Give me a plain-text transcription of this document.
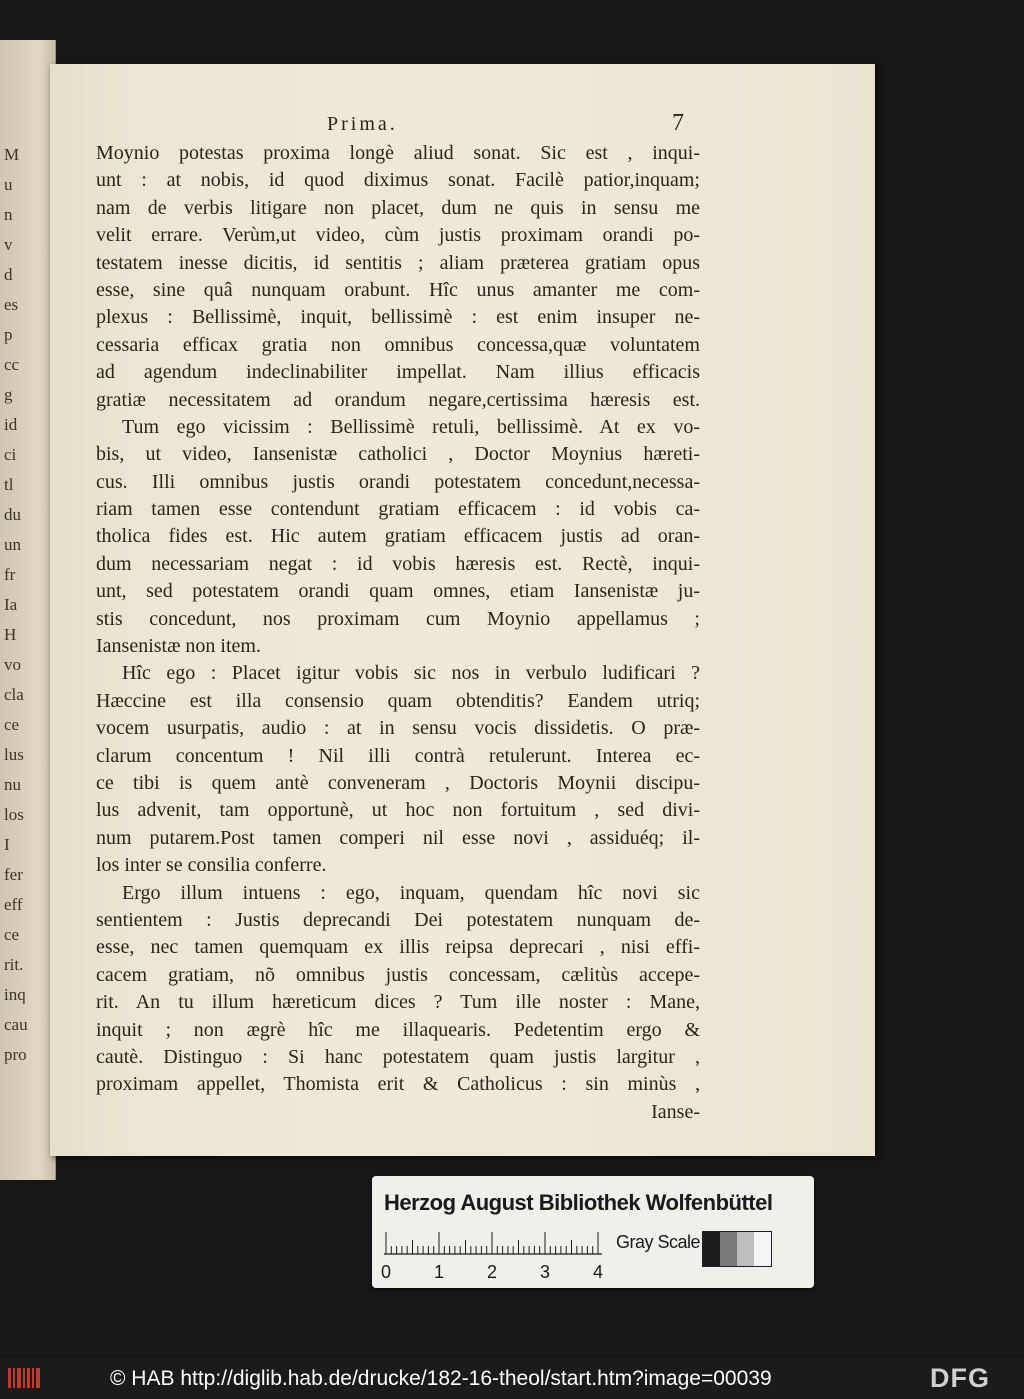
M
u
n
v
d
es
p
cc
g
id
ci
tl
du
un
fr
Ia
H
vo
cla
ce
lus
nu
los
I
fer
eff
ce
rit.
inq
cau
pro
Prima.	7
Moynio potestas proxima longè aliud sonat. Sic est , inqui-
unt : at nobis, id quod diximus sonat. Facilè patior,inquam;
nam de verbis litigare non placet, dum ne quis in sensu me
velit errare. Verùm,ut video, cùm justis proximam orandi po-
testatem inesse dicitis, id sentitis ; aliam præterea gratiam opus
esse, sine quâ nunquam orabunt. Hîc unus amanter me com-
plexus : Bellissimè, inquit, bellissimè : est enim insuper ne-
cessaria efficax gratia non omnibus concessa,quæ voluntatem
ad agendum indeclinabiliter impellat. Nam illius efficacis
gratiæ necessitatem ad orandum negare,certissima hæresis est.
Tum ego vicissim : Bellissimè retuli, bellissimè. At ex vo-
bis, ut video, Iansenistæ catholici , Doctor Moynius hæreti-
cus. Illi omnibus justis orandi potestatem concedunt,necessa-
riam tamen esse contendunt gratiam efficacem : id vobis ca-
tholica fides est. Hic autem gratiam efficacem justis ad oran-
dum necessariam negat : id vobis hæresis est. Rectè, inqui-
unt, sed potestatem orandi quam omnes, etiam Iansenistæ ju-
stis concedunt, nos proximam cum Moynio appellamus ;
Iansenistæ non item.
Hîc ego : Placet igitur vobis sic nos in verbulo ludificari ?
Hæccine est illa consensio quam obtenditis? Eandem utriq;
vocem usurpatis, audio : at in sensu vocis dissidetis. O præ-
clarum concentum ! Nil illi contrà retulerunt. Interea ec-
ce tibi is quem antè conveneram , Doctoris Moynii discipu-
lus advenit, tam opportunè, ut hoc non fortuitum , sed divi-
num putarem.Post tamen comperi nil esse novi , assiduéq; il-
los inter se consilia conferre.
Ergo illum intuens : ego, inquam, quendam hîc novi sic
sentientem : Justis deprecandi Dei potestatem nunquam de-
esse, nec tamen quemquam ex illis reipsa deprecari , nisi effi-
cacem gratiam, nõ omnibus justis concessam, cælitùs accepe-
rit. An tu illum hæreticum dices ? Tum ille noster : Mane,
inquit ; non ægrè hîc me illaquearis. Pedetentim ergo &
cautè. Distinguo : Si hanc potestatem quam justis largitur ,
proximam appellet, Thomista erit & Catholicus : sin minùs ,
Ianse-
Herzog August Bibliothek Wolfenbüttel
0 1 2 3 4
Gray Scale
© HAB http://diglib.hab.de/drucke/182-16-theol/start.htm?image=00039	DFG
